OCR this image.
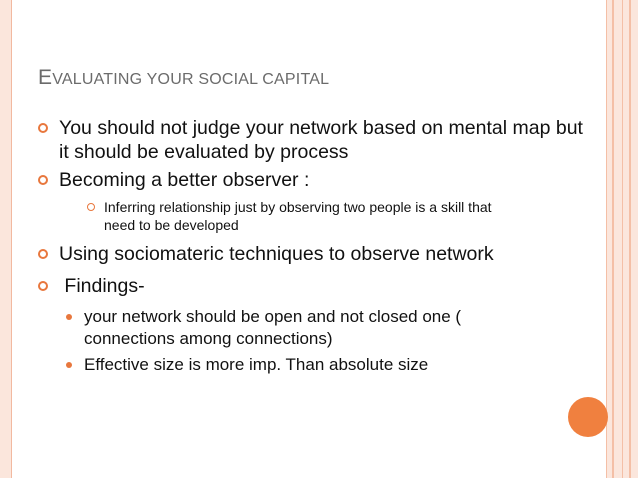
EVALUATING YOUR SOCIAL CAPITAL
You should not judge your network based on mental map but it should be evaluated by process
Becoming a better observer :
Inferring relationship just by observing two people is a skill that need to be developed
Using sociomateric techniques to observe network
Findings-
your network should be open and not closed one ( connections among connections)
Effective size is more imp. Than absolute size
